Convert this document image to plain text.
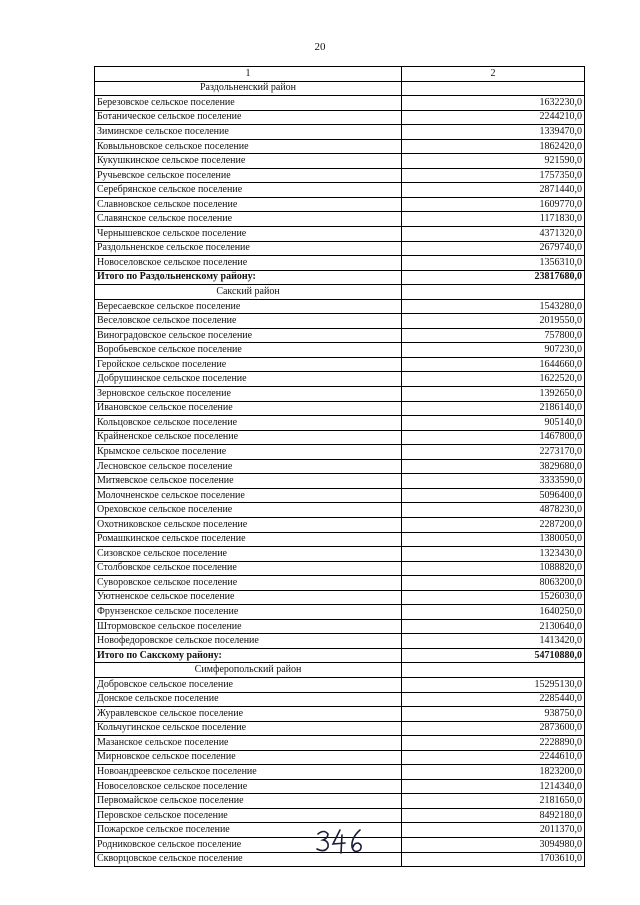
20
1	2
Раздольненский район	
Березовское сельское поселение	1632230,0
Ботаническое сельское поселение	2244210,0
Зиминское сельское поселение	1339470,0
Ковыльновское сельское поселение	1862420,0
Кукушкинское сельское поселение	921590,0
Ручьевское сельское поселение	1757350,0
Серебрянское сельское поселение	2871440,0
Славновское сельское поселение	1609770,0
Славянское сельское поселение	1171830,0
Чернышевское сельское поселение	4371320,0
Раздольненское сельское поселение	2679740,0
Новоселовское сельское поселение	1356310,0
Итого по Раздольненскому району:	23817680,0
Сакский район	
Вересаевское сельское поселение	1543280,0
Веселовское сельское поселение	2019550,0
Виноградовское сельское поселение	757800,0
Воробьевское сельское поселение	907230,0
Геройское сельское поселение	1644660,0
Добрушинское сельское поселение	1622520,0
Зерновское сельское поселение	1392650,0
Ивановское сельское поселение	2186140,0
Кольцовское сельское поселение	905140,0
Крайненское сельское поселение	1467800,0
Крымское сельское поселение	2273170,0
Лесновское сельское поселение	3829680,0
Митяевское сельское поселение	3333590,0
Молочненское сельское поселение	5096400,0
Ореховское сельское поселение	4878230,0
Охотниковское сельское поселение	2287200,0
Ромашкинское сельское поселение	1380050,0
Сизовское сельское поселение	1323430,0
Столбовское сельское поселение	1088820,0
Суворовское сельское поселение	8063200,0
Уютненское сельское поселение	1526030,0
Фрунзенское сельское поселение	1640250,0
Штормовское сельское поселение	2130640,0
Новофедоровское сельское поселение	1413420,0
Итого по Сакскому району:	54710880,0
Симферопольский район	
Добровское сельское поселение	15295130,0
Донское сельское поселение	2285440,0
Журавлевское сельское поселение	938750,0
Кольчугинское сельское поселение	2873600,0
Мазанское сельское поселение	2228890,0
Мирновское сельское поселение	2244610,0
Новоандреевское сельское поселение	1823200,0
Новоселовское сельское поселение	1214340,0
Первомайское сельское поселение	2181650,0
Перовское сельское поселение	8492180,0
Пожарское сельское поселение	2011370,0
Родниковское сельское поселение	3094980,0
Скворцовское сельское поселение	1703610,0
